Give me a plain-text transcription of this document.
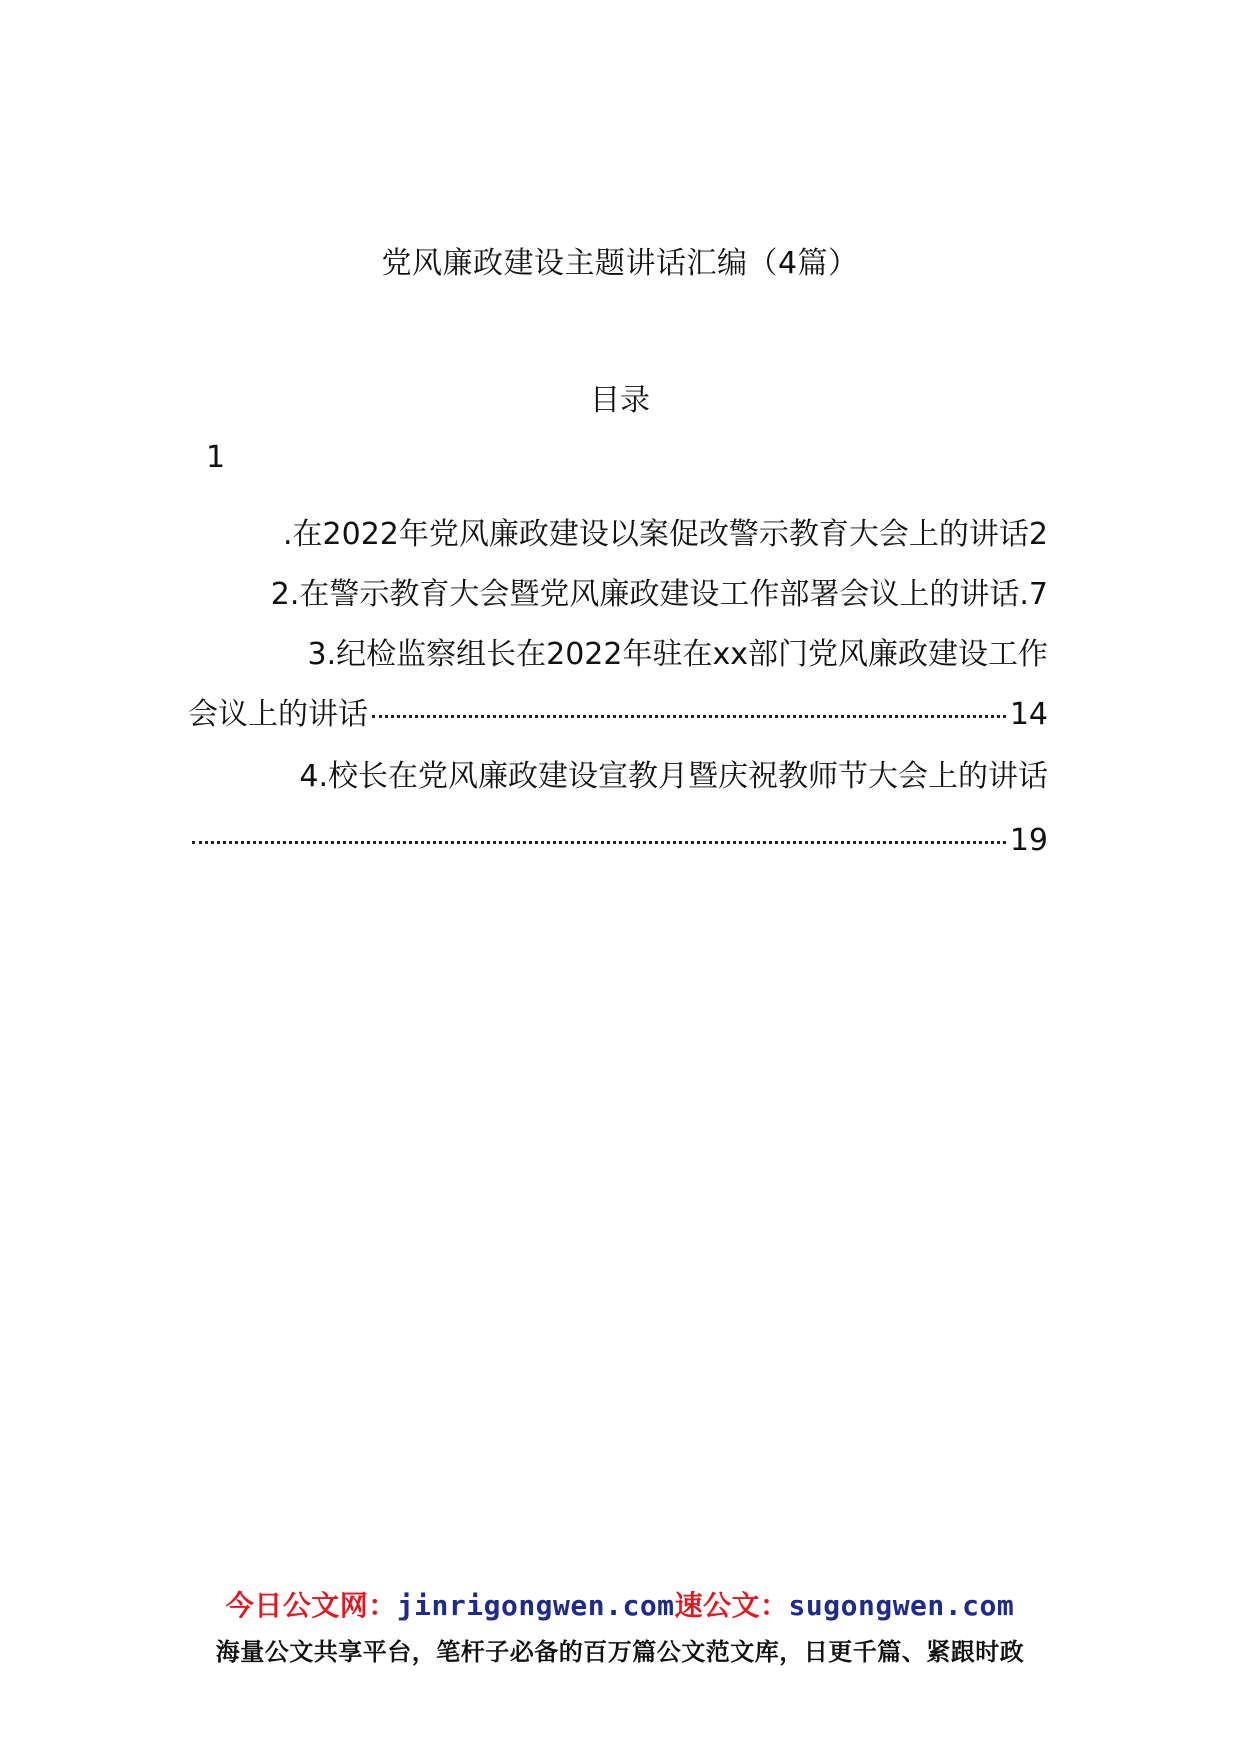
党风廉政建设主题讲话汇编（4篇）
目录
1
.在2022年党风廉政建设以案促改警示教育大会上的讲话2
2.在警示教育大会暨党风廉政建设工作部署会议上的讲话.7
3.纪检监察组长在2022年驻在xx部门党风廉政建设工作
会议上的讲话	14
4.校长在党风廉政建设宣教月暨庆祝教师节大会上的讲话
19
今日公文网：jinrigongwen.com速公文：sugongwen.com
海量公文共享平台，笔杆子必备的百万篇公文范文库，日更千篇、紧跟时政
